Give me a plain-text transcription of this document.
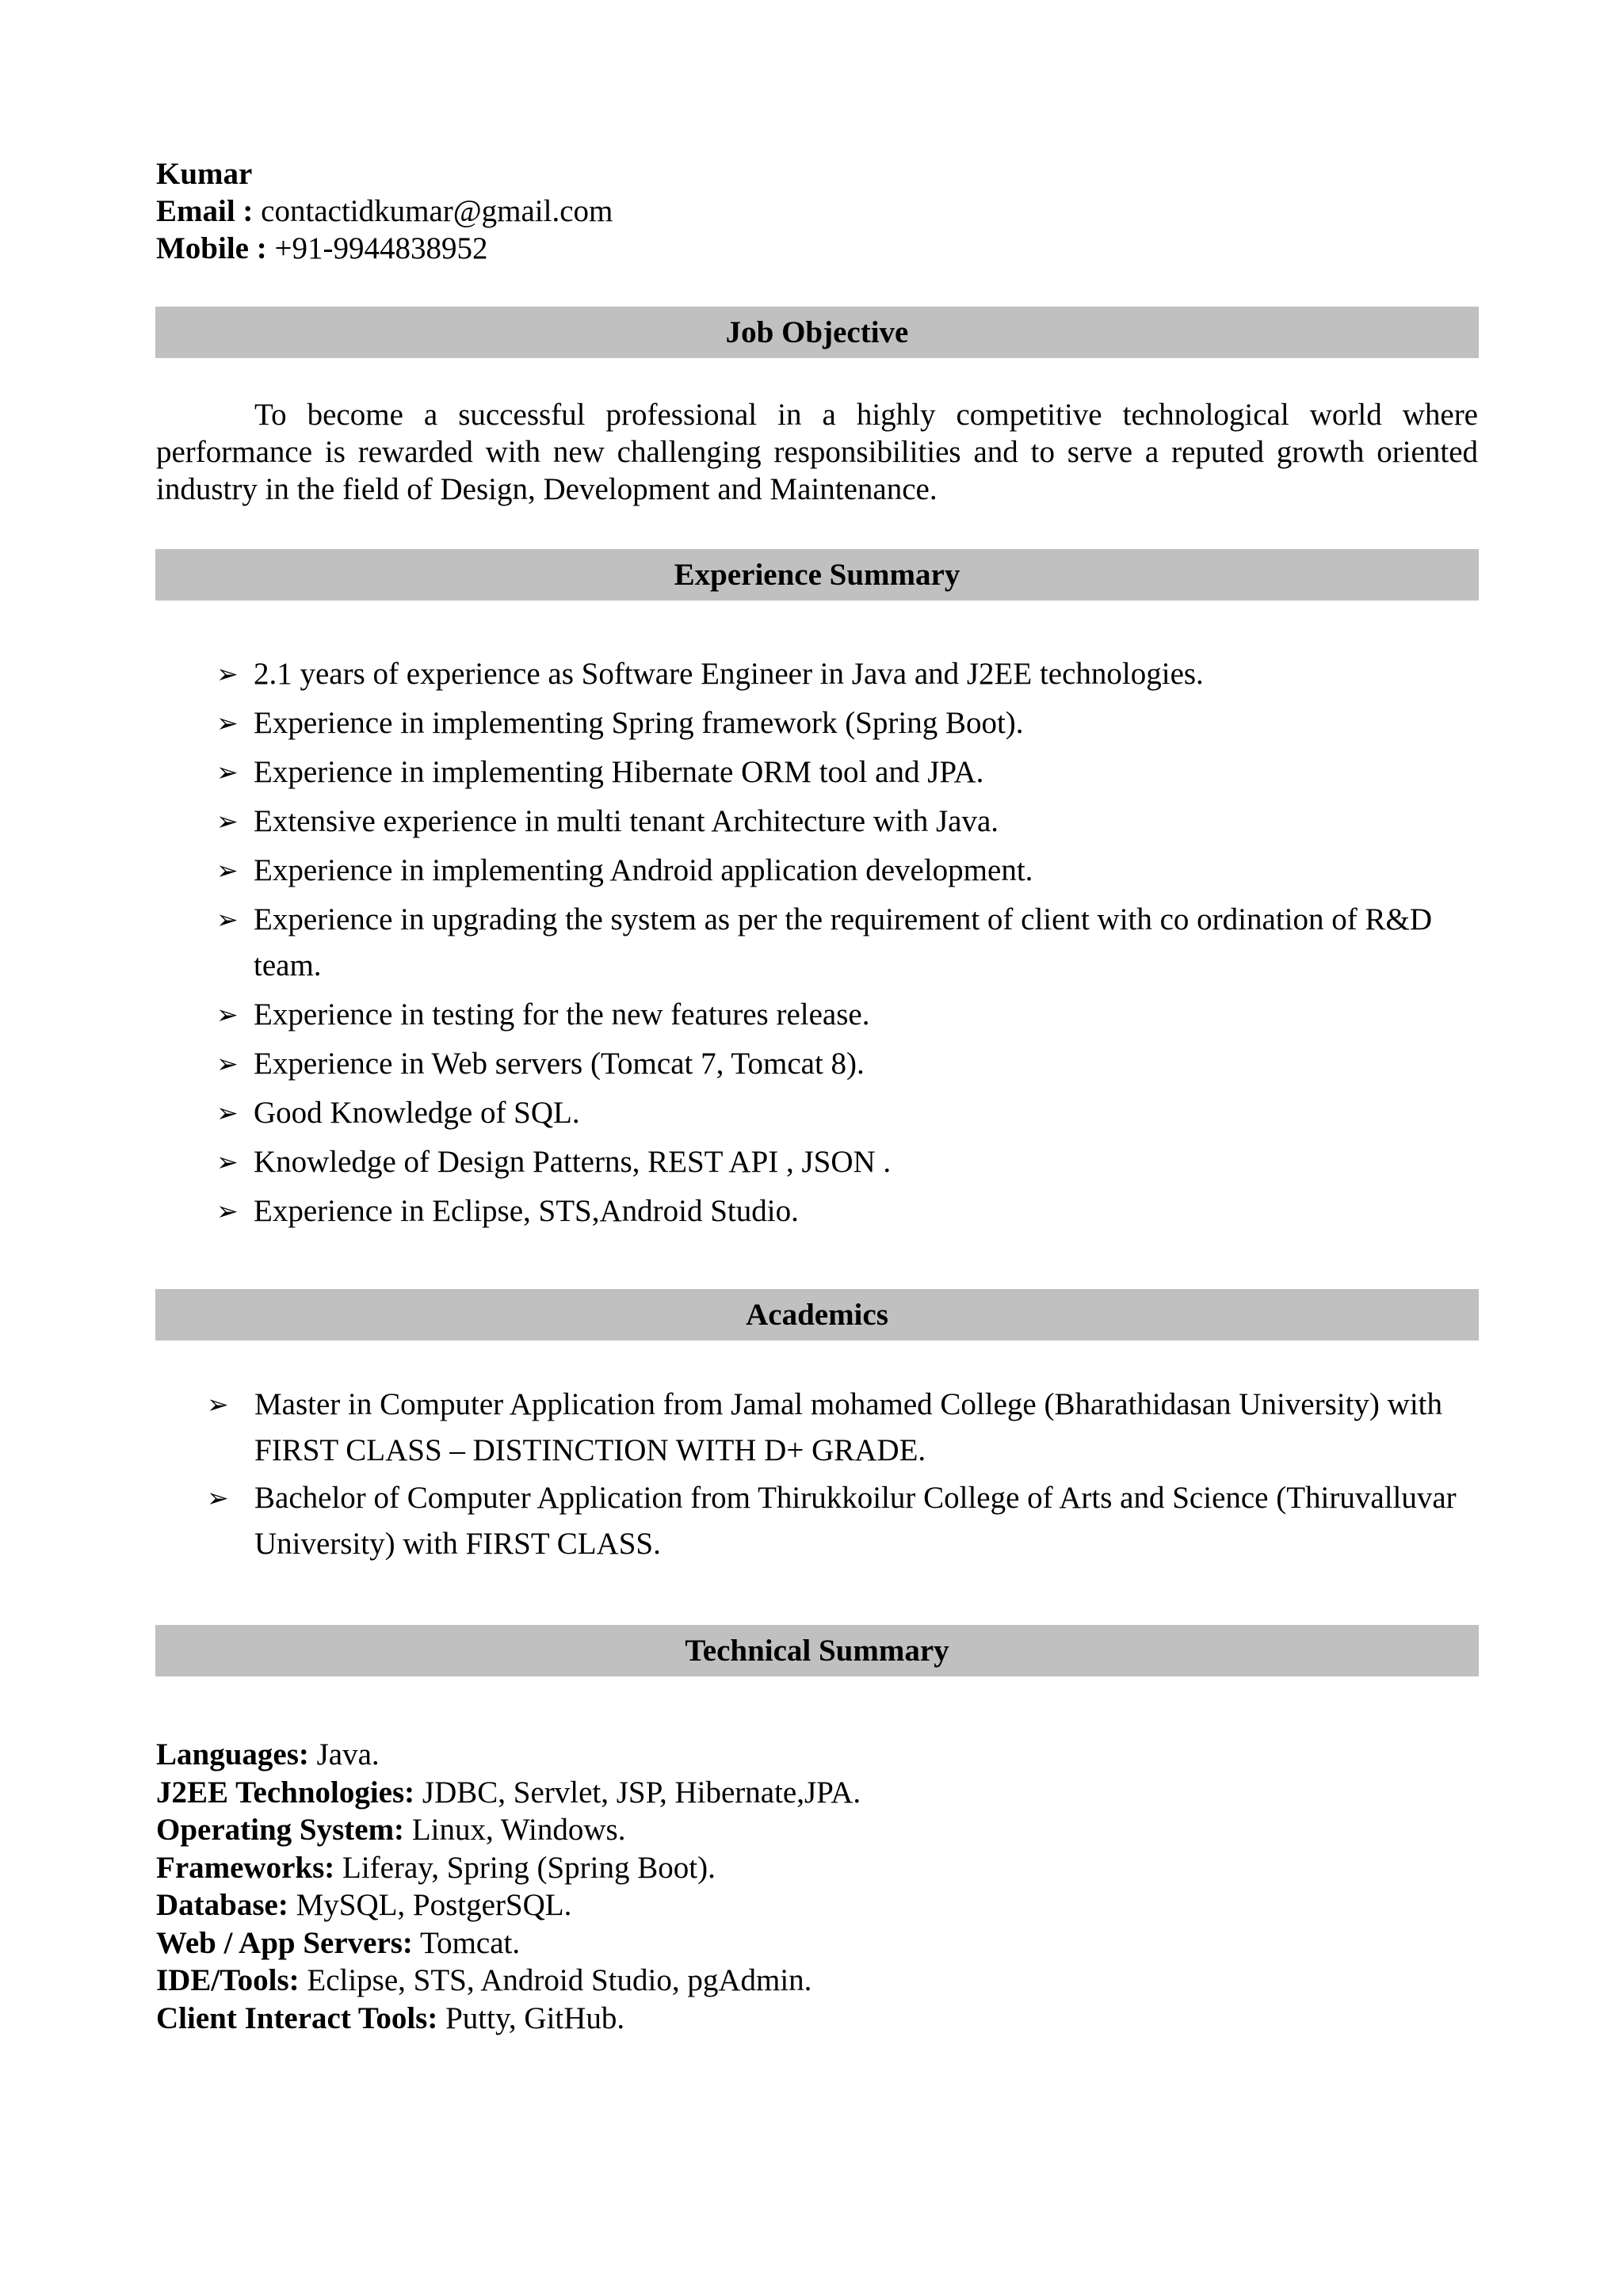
Kumar
Email : contactidkumar@gmail.com
Mobile : +91-9944838952
Job Objective
To become a successful professional in a highly competitive technological world where performance is rewarded with new challenging responsibilities and to serve a reputed growth oriented industry in the field of Design, Development and Maintenance.
Experience Summary
➢ 2.1 years of experience as Software Engineer in Java and J2EE technologies.
➢ Experience in implementing Spring framework (Spring Boot).
➢ Experience in implementing Hibernate ORM tool and JPA.
➢ Extensive experience in multi tenant Architecture with Java.
➢ Experience in implementing Android application development.
➢ Experience in upgrading the system as per the requirement of client with co ordination of R&D team.
➢ Experience in testing for the new features release.
➢ Experience in Web servers (Tomcat 7, Tomcat 8).
➢ Good Knowledge of SQL.
➢ Knowledge of Design Patterns, REST API , JSON .
➢ Experience in Eclipse, STS,Android Studio.
Academics
➢ Master in Computer Application from Jamal mohamed College (Bharathidasan University) with FIRST CLASS – DISTINCTION WITH D+ GRADE.
➢ Bachelor of Computer Application from Thirukkoilur College of Arts and Science (Thiruvalluvar University) with FIRST CLASS.
Technical Summary
Languages: Java.
J2EE Technologies: JDBC, Servlet, JSP, Hibernate,JPA.
Operating System: Linux, Windows.
Frameworks: Liferay, Spring (Spring Boot).
Database: MySQL, PostgerSQL.
Web / App Servers: Tomcat.
IDE/Tools: Eclipse, STS, Android Studio, pgAdmin.
Client Interact Tools: Putty, GitHub.
